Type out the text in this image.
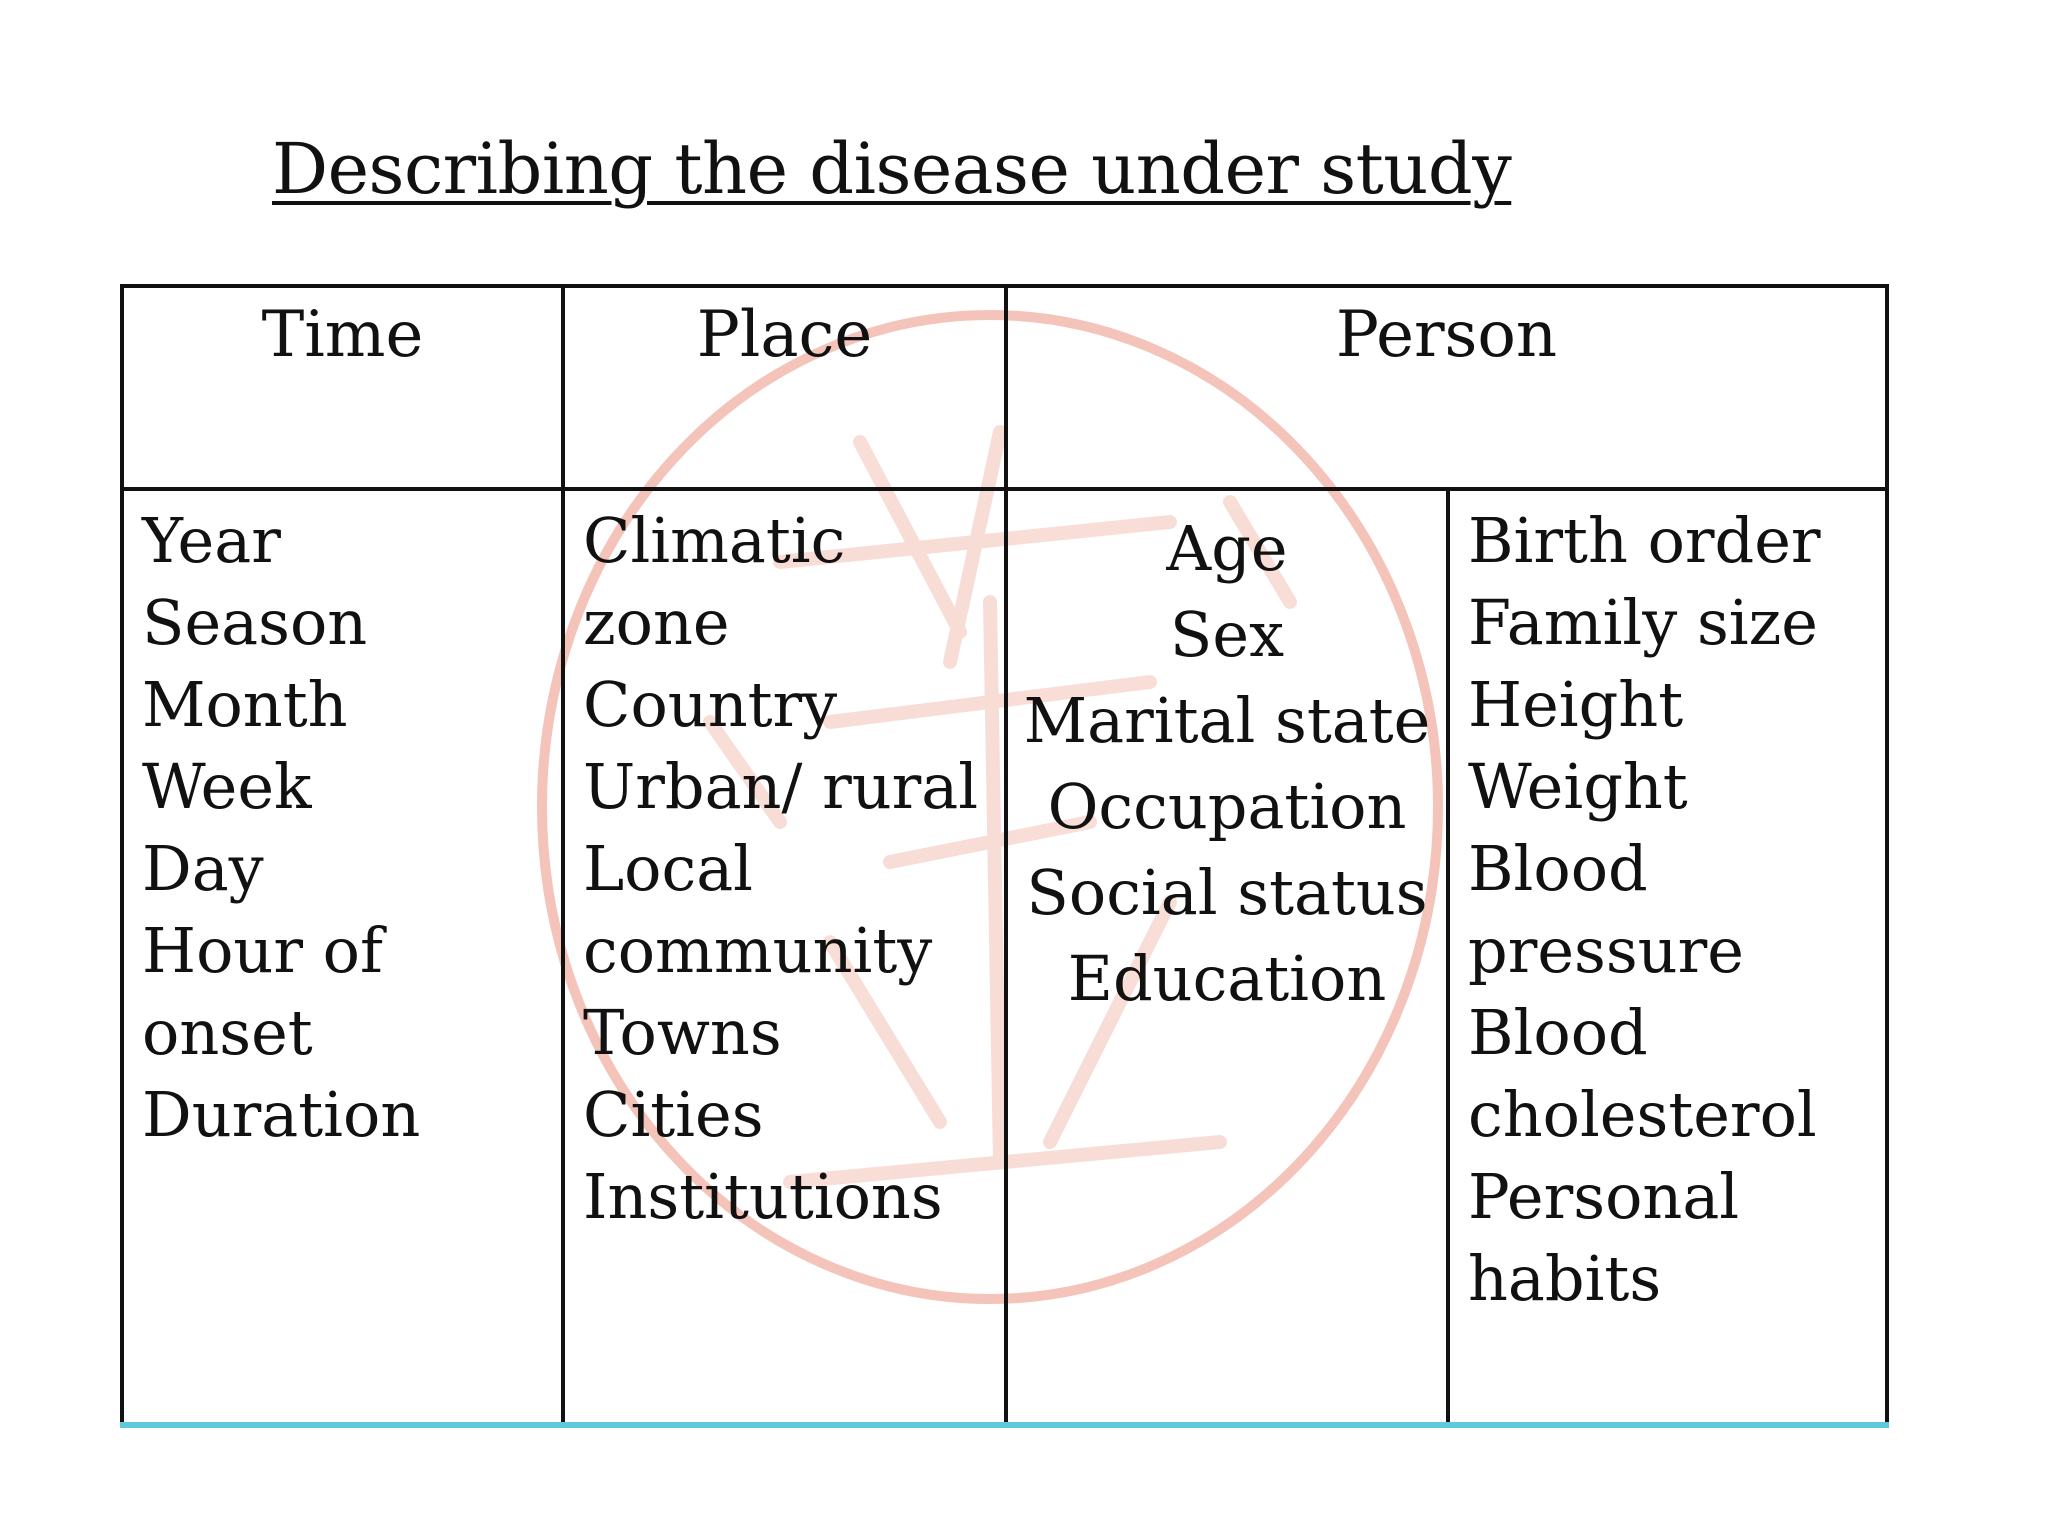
Describing the disease under study
Time	Place	Person
Year
Season
Month
Week
Day
Hour of onset
Duration
Climatic zone
Country
Urban/ rural
Local community
Towns
Cities
Institutions
Age
Sex
Marital state
Occupation
Social status
Education
Birth order
Family size
Height
Weight
Blood pressure
Blood cholesterol
Personal habits
